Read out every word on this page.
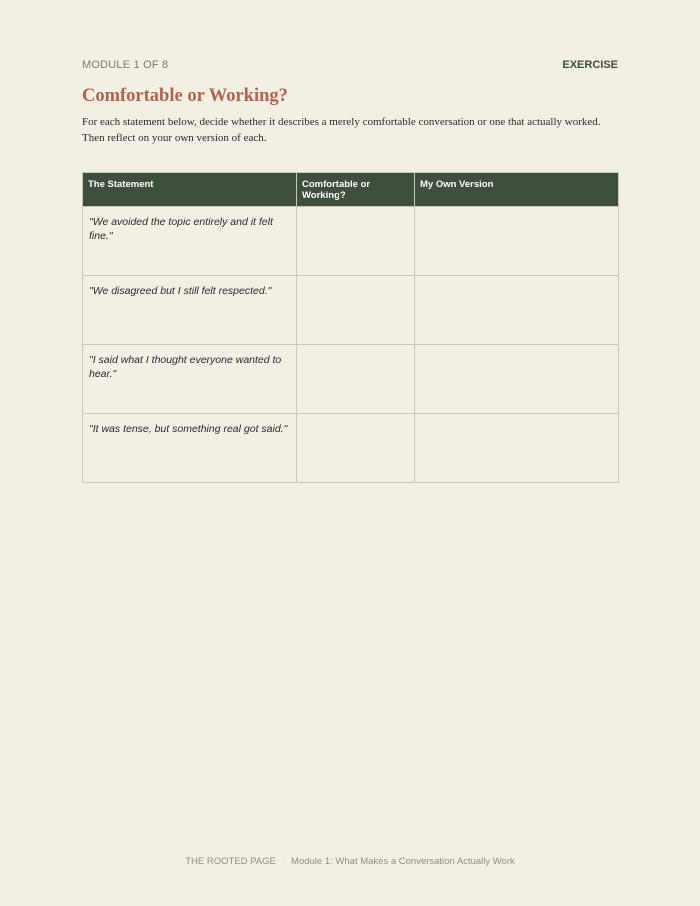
MODULE 1 OF 8	EXERCISE
Comfortable or Working?

For each statement below, decide whether it describes a merely comfortable conversation or one that actually worked. Then reflect on your own version of each.

The Statement	Comfortable or Working?	My Own Version
"We avoided the topic entirely and it felt fine."		
"We disagreed but I still felt respected."		
"I said what I thought everyone wanted to hear."		
"It was tense, but something real got said."		
THE ROOTED PAGE · Module 1: What Makes a Conversation Actually Work
